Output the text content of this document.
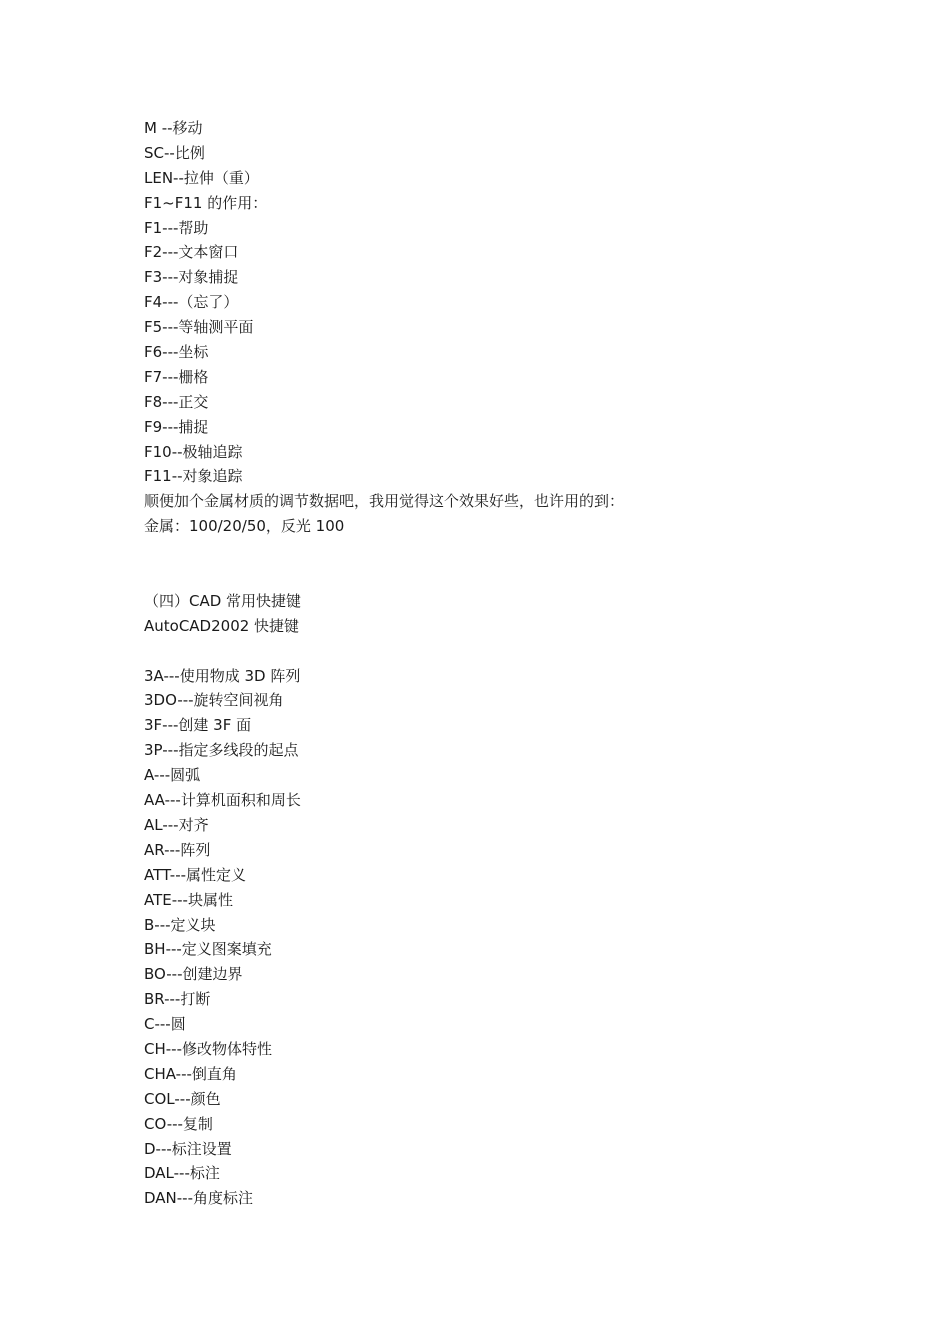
M --移动
SC--比例
LEN--拉伸（重）
F1~F11 的作用：
F1---帮助
F2---文本窗口
F3---对象捕捉
F4---（忘了）
F5---等轴测平面
F6---坐标
F7---栅格
F8---正交
F9---捕捉
F10--极轴追踪
F11--对象追踪
顺便加个金属材质的调节数据吧，我用觉得这个效果好些，也许用的到：
金属：100/20/50，反光 100
（四）CAD 常用快捷键
AutoCAD2002 快捷键
3A---使用物成 3D 阵列
3DO---旋转空间视角
3F---创建 3F 面
3P---指定多线段的起点
A---圆弧
AA---计算机面积和周长
AL---对齐
AR---阵列
ATT---属性定义
ATE---块属性
B---定义块
BH---定义图案填充
BO---创建边界
BR---打断
C---圆
CH---修改物体特性
CHA---倒直角
COL---颜色
CO---复制
D---标注设置
DAL---标注
DAN---角度标注
